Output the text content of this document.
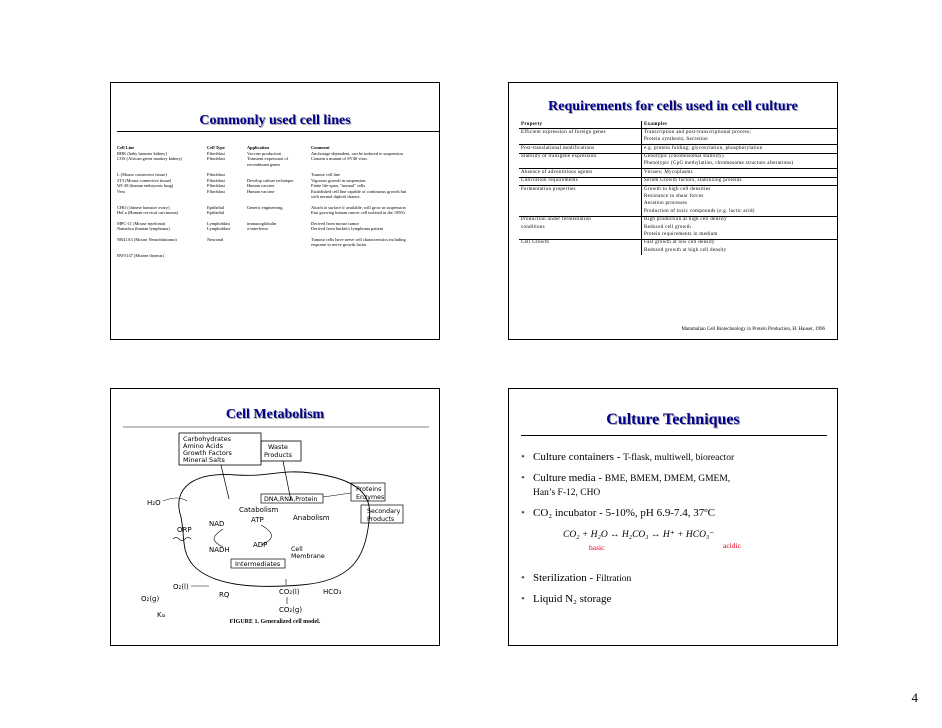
Commonly used cell lines
Cell Line	Cell Type	Application	Comment
BHK (baby hamster kidney)	Fibroblast	Vaccine production	Anchorage dependent, can be induced to suspension
COS (African green monkey kidney)	Fibroblast	Transient expression of	Contain a mutant of SV40 virus
		recombinant genes	

L (Mouse connective tissue)	Fibroblast		Tumour cell line
3T3 (Mouse connective tissue)	Fibroblast	Develop culture technique	Vigorous growth in suspension
WI-38 (human embryonic lung)	Fibroblast	Human vaccine	Finite life-span, "normal" cells
Vero	Fibroblast	Human vaccine	Established cell line capable of continuous growth but
			with normal diploid charact.

CHO (chinese hamster ovary)	Epithelial	Genetic engineering	Attach to surface if available, will grow in suspension
HeLa (Human cervical carcinoma)	Epithelial		Fast growing human cancer cell isolated in the 1950's

MPC-11 (Mouse myeloma)	Lymphoblast	immunoglobulin	Derived from mouse tumor
Namalwa (human lymphoma)	Lymphoblast	a-interferon	Derived from burkitt's lymphoma patient

NB41A3 (Mouse Neuroblastoma)	Neuronal		Tumour cells have nerve cell characteristics including
			response to nerve growth factor

BW5147 (Murine thymus)			
Requirements for cells used in cell culture
Property	Examples
Efficient expression of foreign genes	Transcription and post-transcriptional process;
	Protein synthesis; Secretion
Post-translational modifications	e.g. protein folding; glycosylation, phosphorylation
Stability of transgene expression	Genotypic (chromosomal stability)
	Phenotypic (CpG methylation, chromosome structure alterations)
Absence of adventitious agents	Viruses; Mycoplasms
Cultivation requirements	Serum Growth factors, stabilizing proteins
Fermentation properties	Growth to high cell densities
	Resistance to shear forces
	Aeration processes
	Production of toxic compounds (e.g. lactic acid)
Production under fermentation	High production at high cell density
conditions	Reduced cell growth
	Protein requirements in medium
Cell Growth	Fast growth at low cell density
	Reduced growth at high cell density
Mammalian Cell Biotechnology in Protein Production, H. Hauser, 1996
Cell Metabolism
Carbohydrates
Amino Acids
Growth Factors
Mineral Salts
Waste
Products
H₂O	DNA,RNA,Protein
Proteins
Enzymes
Catabolism
Anabolism
Secondary
Products
ORP
NAD	ATP
NADH
ADP
Cell
Membrane
Intermediates
O₂(l)
O₂(g)
Kₗₐ
RQ	CO₂(l)	HCO₃
CO₂(g)
FIGURE 1. Generalized cell model.
Culture Techniques
• Culture containers - T-flask, multiwell, bioreactor
• Culture media - BME, BMEM, DMEM, GMEM,
Han’s F-12, CHO
• CO₂ incubator - 5-10%, pH 6.9-7.4, 37ºC
• Sterilization - Filtration
• Liquid N₂ storage
CO₂ + H₂O ↔ H₂CO₃ ↔ H⁺ + HCO₃⁻
basic	acidic
4
